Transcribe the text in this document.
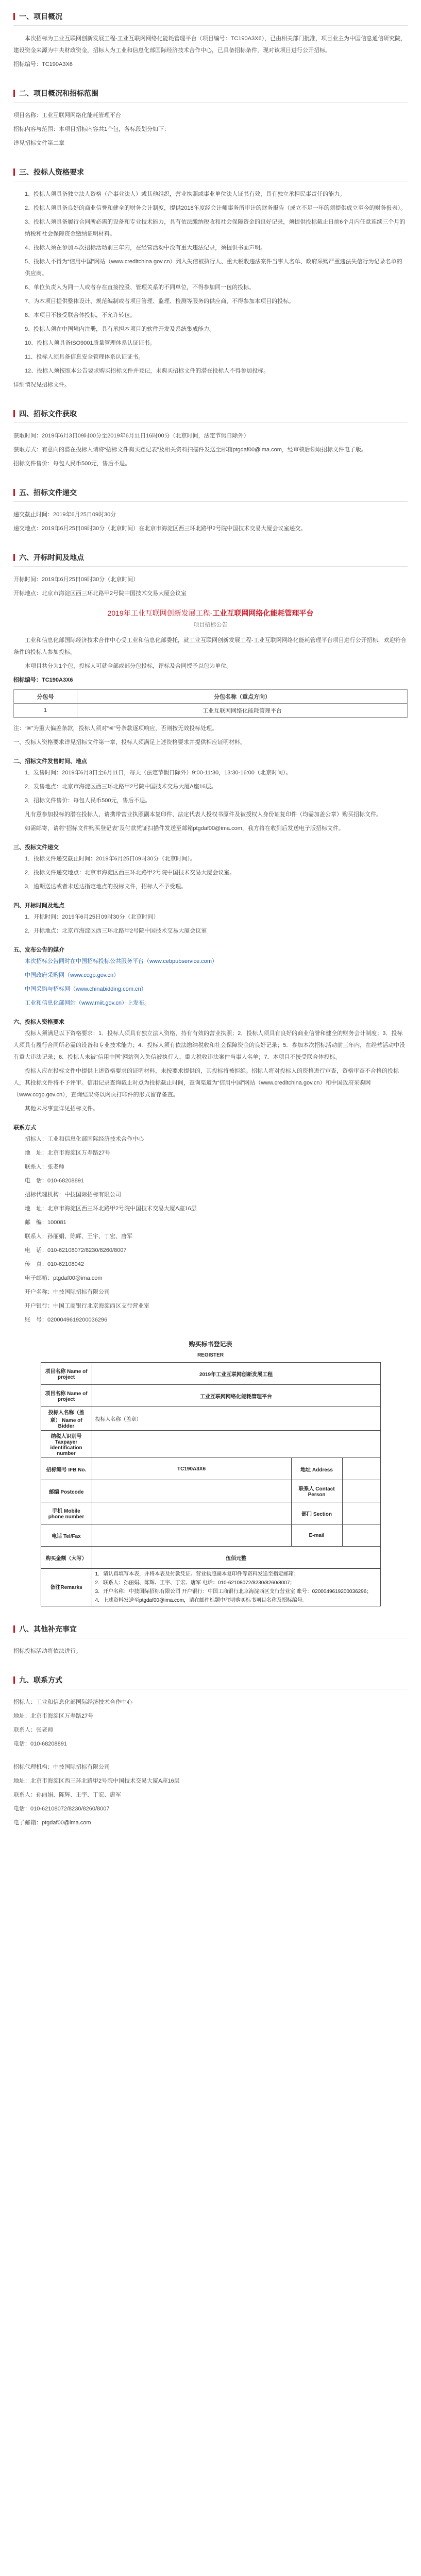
一、项目概况

本次招标为工业互联网创新发展工程-工业互联网网络化能耗管理平台（项目编号：TC190A3X6），已由相关部门批准，项目业主为中国信息通信研究院，建设资金来源为中央财政资金，招标人为工业和信息化部国际经济技术合作中心，已具备招标条件，现对该项目进行公开招标。

招标编号：TC190A3X6

二、项目概况和招标范围

项目名称：工业互联网网络化能耗管理平台

招标内容与范围：本项目招标内容共1个包，各标段划分如下：

详见招标文件第二章

三、投标人资格要求

1、投标人须具备独立法人资格（企事业法人）或其他组织，营业执照或事业单位法人证书有效，具有独立承担民事责任的能力。

2、投标人须具备良好的商业信誉和健全的财务会计制度，提供2018年度经会计师事务所审计的财务报告（成立不足一年的须提供成立至今的财务报表）。

3、投标人须具备履行合同所必需的设备和专业技术能力，具有依法缴纳税收和社会保障资金的良好记录，须提供投标截止日前6个月内任意连续三个月的纳税和社会保障资金缴纳证明材料。

4、投标人须在参加本次招标活动前三年内，在经营活动中没有重大违法记录，须提供书面声明。

5、投标人不得为“信用中国”网站（www.creditchina.gov.cn）列入失信被执行人、重大税收违法案件当事人名单、政府采购严重违法失信行为记录名单的供应商。

6、单位负责人为同一人或者存在直接控股、管理关系的不同单位，不得参加同一包的投标。

7、为本项目提供整体设计、规范编制或者项目管理、监理、检测等服务的供应商，不得参加本项目的投标。

8、本项目不接受联合体投标，不允许转包。

9、投标人须在中国境内注册，具有承担本项目的软件开发及系统集成能力。

10、投标人须具备ISO9001质量管理体系认证证书。

11、投标人须具备信息安全管理体系认证证书。

12、投标人须按照本公告要求购买招标文件并登记，未购买招标文件的潜在投标人不得参加投标。

详细情况见招标文件。

四、招标文件获取

获取时间：2019年6月3日09时00分至2019年6月11日16时00分（北京时间，法定节假日除外）

获取方式：有意向的潜在投标人请将“招标文件购买登记表”及相关资料扫描件发送至邮箱ptgdaf00@ima.com，经审核后领取招标文件电子版。

招标文件售价：每包人民币500元，售后不退。

五、招标文件递交

递交截止时间：2019年6月25日09时30分

递交地点：2019年6月25日09时30分（北京时间）在北京市海淀区西三环北路甲2号院中国技术交易大厦会议室递交。

六、开标时间及地点

开标时间：2019年6月25日09时30分（北京时间）

开标地点：北京市海淀区西三环北路甲2号院中国技术交易大厦会议室

2019年工业互联网创新发展工程-工业互联网网络化能耗管理平台
项目招标公告

工业和信息化部国际经济技术合作中心受工业和信息化部委托，就工业互联网创新发展工程-工业互联网网络化能耗管理平台项目进行公开招标，欢迎符合条件的投标人参加投标。

本项目共分为1个包，投标人可就全部或部分包投标，评标及合同授予以包为单位。

招标编号：TC190A3X6

分包号	分包名称（重点方向）
1	工业互联网网络化能耗管理平台

注：“※”为重大偏差条款，投标人须对“※”号条款逐项响应，否则按无效投标处理。

一、投标人资格要求详见招标文件第一章，投标人须满足上述资格要求并提供相应证明材料。

二、招标文件发售时间、地点

1．发售时间：2019年6月3日至6月11日，每天（法定节假日除外）9:00-11:30，13:30-16:00（北京时间）。

2．发售地点：北京市海淀区西三环北路甲2号院中国技术交易大厦A座16层。

3．招标文件售价：每包人民币500元，售后不退。

凡有意参加投标的潜在投标人，请携带营业执照副本复印件、法定代表人授权书原件及被授权人身份证复印件（均需加盖公章）购买招标文件。

如需邮寄，请将“招标文件购买登记表”及付款凭证扫描件发送至邮箱ptgdaf00@ima.com，我方将在收到后发送电子版招标文件。

三、投标文件递交

1．投标文件递交截止时间：2019年6月25日09时30分（北京时间）。

2．投标文件递交地点：北京市海淀区西三环北路甲2号院中国技术交易大厦会议室。

3．逾期送达或者未送达指定地点的投标文件，招标人不予受理。

四、开标时间及地点

1．开标时间：2019年6月25日09时30分（北京时间）

2．开标地点：北京市海淀区西三环北路甲2号院中国技术交易大厦会议室

五、发布公告的媒介

本次招标公告同时在中国招标投标公共服务平台（www.cebpubservice.com）

中国政府采购网（www.ccgp.gov.cn）

中国采购与招标网（www.chinabidding.com.cn）

工业和信息化部网站（www.miit.gov.cn）上发布。

六、投标人资格要求

投标人须满足以下资格要求：1．投标人须具有独立法人资格，持有有效的营业执照；2．投标人须具有良好的商业信誉和健全的财务会计制度；3．投标人须具有履行合同所必需的设备和专业技术能力；4．投标人须有依法缴纳税收和社会保障资金的良好记录；5．参加本次招标活动前三年内，在经营活动中没有重大违法记录；6．投标人未被“信用中国”网站列入失信被执行人、重大税收违法案件当事人名单；7．本项目不接受联合体投标。

投标人应在投标文件中提供上述资格要求的证明材料，未按要求提供的，其投标将被拒绝。招标人将对投标人的资格进行审查，资格审查不合格的投标人，其投标文件将不予评审。信用记录查询截止时点为投标截止时间，查询渠道为“信用中国”网站（www.creditchina.gov.cn）和中国政府采购网（www.ccgp.gov.cn），查询结果将以网页打印件的形式留存备查。

其他未尽事宜详见招标文件。

联系方式

招标人：工业和信息化部国际经济技术合作中心

地　址：北京市海淀区万寿路27号

联系人：张老师

电　话：010-68208891

招标代理机构：中技国际招标有限公司

地　址：北京市海淀区西三环北路甲2号院中国技术交易大厦A座16层

邮　编：100081

联系人：孙丽娟、陈辉、王宇、丁宏、唐军

电　话：010-62108072/8230/8260/8007

传　真：010-62108042

电子邮箱：ptgdaf00@ima.com

开户名称：中技国际招标有限公司

开户银行：中国工商银行北京海淀西区支行营业室

账　号：0200049619200036296

购买标书登记表
REGISTER
项目名称 Name of project	2019年工业互联网创新发展工程		
项目名称 Name of project	工业互联网网络化能耗管理平台		
投标人名称（盖章） Name of Bidder	投标人名称（盖章）		
纳税人识别号 Taxpayer identification number			
招标编号 IFB No.	TC190A3X6	地址 Address	
邮编 Postcode		联系人 Contact Person	
手机 Mobile phone number		部门 Section	
电话 Tel/Fax		E-mail	
购买金额（大写）	伍佰元整		
备注Remarks	1．请认真填写本表，并将本表及付款凭证、营业执照副本复印件等资料发送至指定邮箱；
2．联系人：孙丽娟、陈辉、王宇、丁宏、唐军 电话：010-62108072/8230/8260/8007；
3．开户名称：中技国际招标有限公司 开户银行：中国工商银行北京海淀西区支行营业室 账号：0200049619200036296；
4．上述资料发送至ptgdaf00@ima.com，请在邮件标题中注明购买标书项目名称及招标编号。		
八、其他补充事宜

招标投标活动将依法进行。

九、联系方式

招标人：工业和信息化部国际经济技术合作中心

地址：北京市海淀区万寿路27号

联系人：张老师

电话：010-68208891

招标代理机构：中技国际招标有限公司

地址：北京市海淀区西三环北路甲2号院中国技术交易大厦A座16层

联系人：孙丽娟、陈辉、王宇、丁宏、唐军

电话：010-62108072/8230/8260/8007

电子邮箱：ptgdaf00@ima.com
